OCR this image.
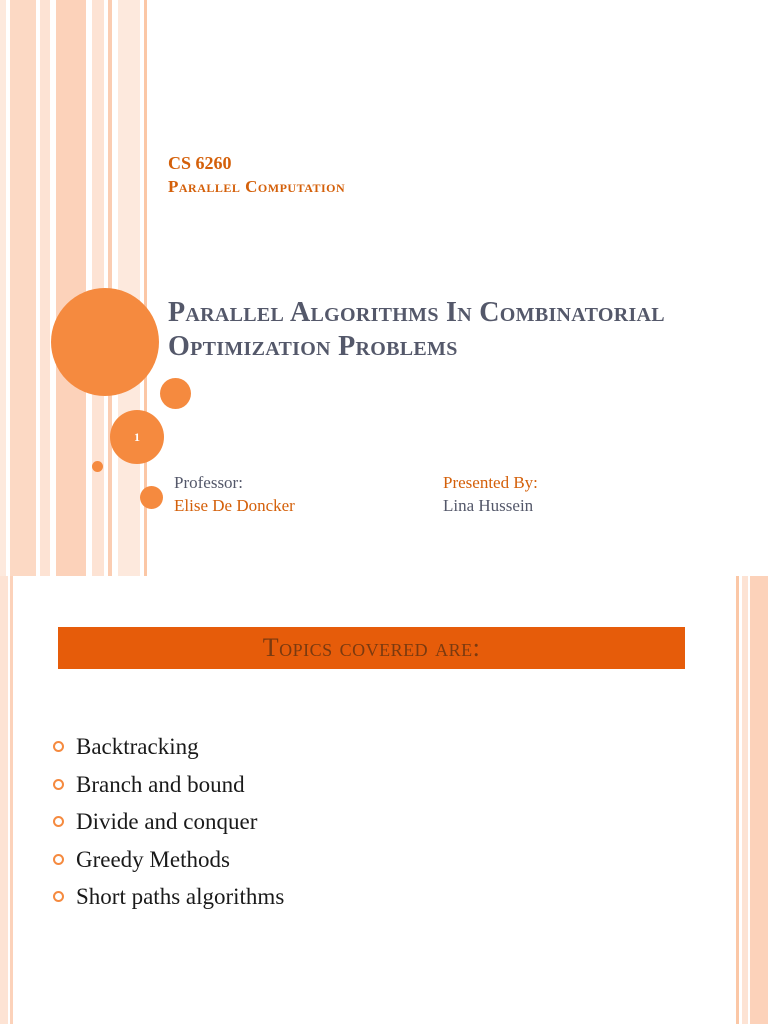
CS 6260
Parallel Computation
Parallel Algorithms In Combinatorial
Optimization Problems
1
Professor:
Elise De Doncker
Presented By:
Lina Hussein
Topics covered are:
Backtracking
Branch and bound
Divide and conquer
Greedy Methods
Short paths algorithms
